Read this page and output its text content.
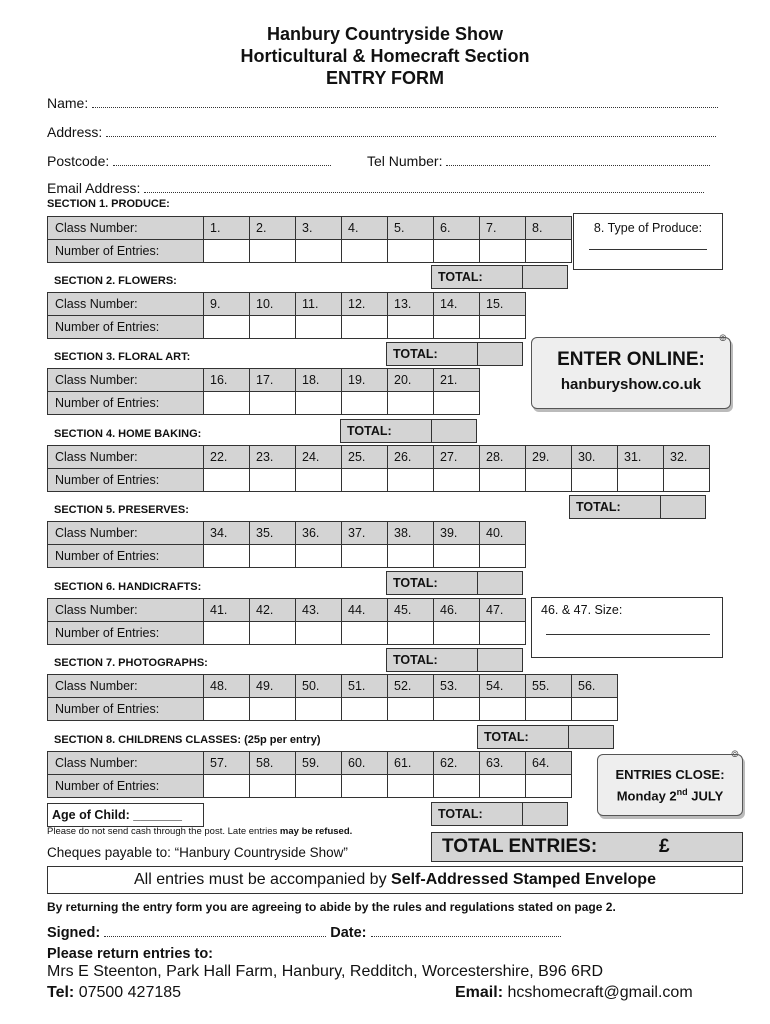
Hanbury Countryside Show
Horticultural & Homecraft Section
ENTRY FORM
Name:
Address:
Postcode:	Tel Number:
Email Address:
SECTION 1. PRODUCE:
Class Number:	1.	2.	3.	4.	5.	6.	7.	8.
Number of Entries:
TOTAL:
SECTION 2. FLOWERS:
Class Number:	9.	10.	11.	12.	13.	14.	15.
Number of Entries:
SECTION 3. FLORAL ART:
Class Number:	16.	17.	18.	19.	20.	21.
Number of Entries:
TOTAL:
SECTION 4. HOME BAKING:
Class Number:	22.	23.	24.	25.	26.	27.	28.	29.	30.	31.	32.
Number of Entries:
TOTAL:
SECTION 5. PRESERVES:
Class Number:	34.	35.	36.	37.	38.	39.	40.
Number of Entries:
TOTAL:
SECTION 6. HANDICRAFTS:
Class Number:	41.	42.	43.	44.	45.	46.	47.
Number of Entries:
TOTAL:
SECTION 7. PHOTOGRAPHS:
Class Number:	48.	49.	50.	51.	52.	53.	54.	55.	56.
Number of Entries:
TOTAL:
SECTION 8. CHILDRENS CLASSES: (25p per entry)
Class Number:	57.	58.	59.	60.	61.	62.	63.	64.
Number of Entries:
TOTAL:
TOTAL:
8. Type of Produce:
46. & 47. Size:
ENTER ONLINE:
hanburyshow.co.uk
๏
ENTRIES CLOSE:
Monday 2nd JULY
๏
Age of Child: _______
Please do not send cash through the post. Late entries may be refused.
Cheques payable to: “Hanbury Countryside Show”	TOTAL ENTRIES:	£
All entries must be accompanied by Self-Addressed Stamped Envelope
By returning the entry form you are agreeing to abide by the rules and regulations stated on page 2.
Signed:	Date:
Please return entries to:
Mrs E Steenton, Park Hall Farm, Hanbury, Redditch, Worcestershire, B96 6RD
Tel: 07500 427185	Email: hcshomecraft@gmail.com
